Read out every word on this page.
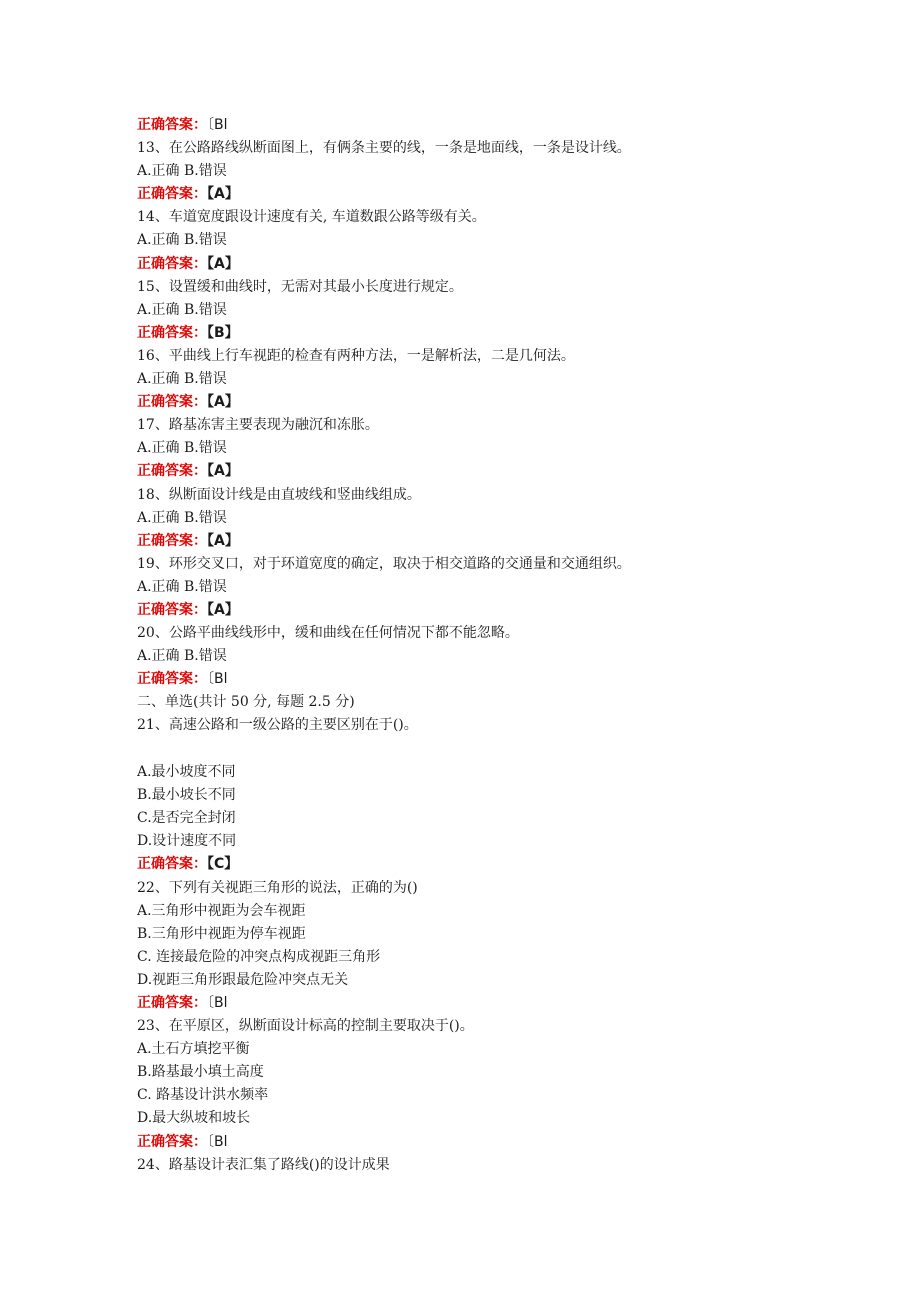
正确答案：〔Bl
13、在公路路线纵断面图上，有俩条主要的线，一条是地面线，一条是设计线。
A.正确 B.错误
正确答案：【A】
14、车道宽度跟设计速度有关, 车道数跟公路等级有关。
A.正确 B.错误
正确答案：【A】
15、设置缓和曲线时，无需对其最小长度进行规定。
A.正确 B.错误
正确答案：【B】
16、平曲线上行车视距的检查有两种方法，一是解析法，二是几何法。
A.正确 B.错误
正确答案：【A】
17、路基冻害主要表现为融沉和冻胀。
A.正确 B.错误
正确答案：【A】
18、纵断面设计线是由直坡线和竖曲线组成。
A.正确 B.错误
正确答案：【A】
19、环形交叉口，对于环道宽度的确定，取决于相交道路的交通量和交通组织。
A.正确 B.错误
正确答案：【A】
20、公路平曲线线形中，缓和曲线在任何情况下都不能忽略。
A.正确 B.错误
正确答案：〔Bl
二、单选(共计 50 分, 每题 2.5 分)
21、高速公路和一级公路的主要区别在于()。
A.最小坡度不同
B.最小坡长不同
C.是否完全封闭
D.设计速度不同
正确答案：【C】
22、下列有关视距三角形的说法，正确的为()
A.三角形中视距为会车视距
B.三角形中视距为停车视距
C. 连接最危险的冲突点构成视距三角形
D.视距三角形跟最危险冲突点无关
正确答案：〔Bl
23、在平原区，纵断面设计标高的控制主要取决于()。
A.土石方填挖平衡
B.路基最小填土高度
C. 路基设计洪水频率
D.最大纵坡和坡长
正确答案：〔Bl
24、路基设计表汇集了路线()的设计成果
